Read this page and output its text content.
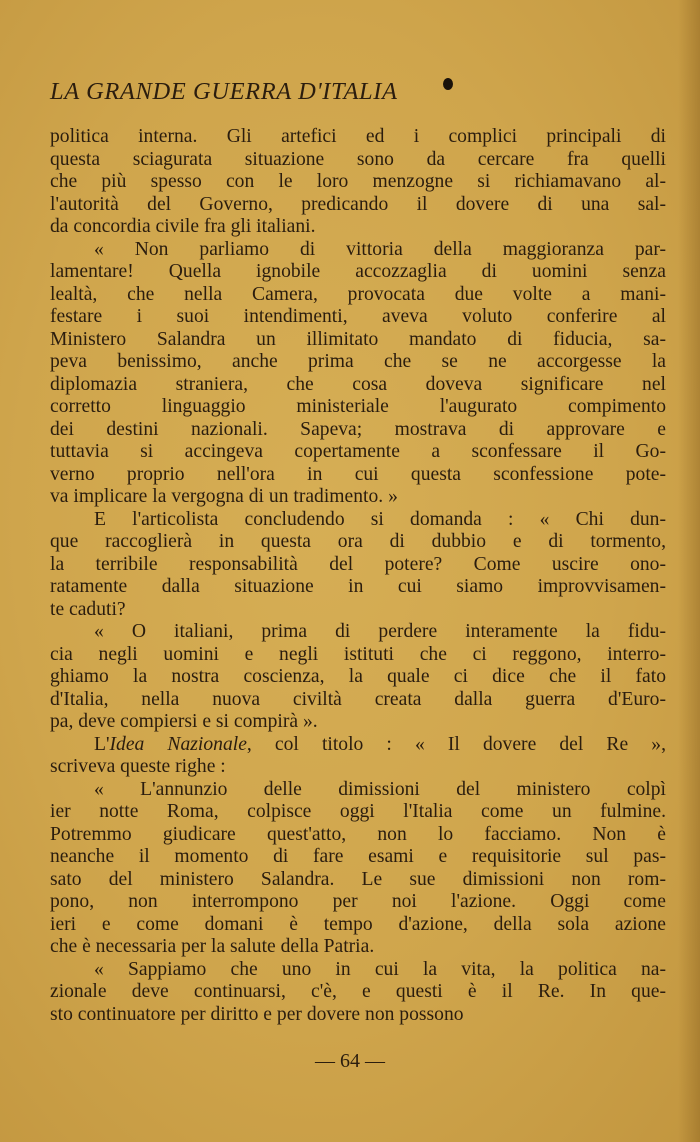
LA GRANDE GUERRA D'ITALIA
politica interna. Gli artefici ed i complici principali di
questa sciagurata situazione sono da cercare fra quelli
che più spesso con le loro menzogne si richiamavano al-
l'autorità del Governo, predicando il dovere di una sal-
da concordia civile fra gli italiani.
« Non parliamo di vittoria della maggioranza par-
lamentare! Quella ignobile accozzaglia di uomini senza
lealtà, che nella Camera, provocata due volte a mani-
festare i suoi intendimenti, aveva voluto conferire al
Ministero Salandra un illimitato mandato di fiducia, sa-
peva benissimo, anche prima che se ne accorgesse la
diplomazia straniera, che cosa doveva significare nel
corretto linguaggio ministeriale l'augurato compimento
dei destini nazionali. Sapeva; mostrava di approvare e
tuttavia si accingeva copertamente a sconfessare il Go-
verno proprio nell'ora in cui questa sconfessione pote-
va implicare la vergogna di un tradimento. »
E l'articolista concludendo si domanda : « Chi dun-
que raccoglierà in questa ora di dubbio e di tormento,
la terribile responsabilità del potere? Come uscire ono-
ratamente dalla situazione in cui siamo improvvisamen-
te caduti?
« O italiani, prima di perdere interamente la fidu-
cia negli uomini e negli istituti che ci reggono, interro-
ghiamo la nostra coscienza, la quale ci dice che il fato
d'Italia, nella nuova civiltà creata dalla guerra d'Euro-
pa, deve compiersi e si compirà ».
L'Idea Nazionale, col titolo : « Il dovere del Re »,
scriveva queste righe :
« L'annunzio delle dimissioni del ministero colpì
ier notte Roma, colpisce oggi l'Italia come un fulmine.
Potremmo giudicare quest'atto, non lo facciamo. Non è
neanche il momento di fare esami e requisitorie sul pas-
sato del ministero Salandra. Le sue dimissioni non rom-
pono, non interrompono per noi l'azione. Oggi come
ieri e come domani è tempo d'azione, della sola azione
che è necessaria per la salute della Patria.
« Sappiamo che uno in cui la vita, la politica na-
zionale deve continuarsi, c'è, e questi è il Re. In que-
sto continuatore per diritto e per dovere non possono
— 64 —
